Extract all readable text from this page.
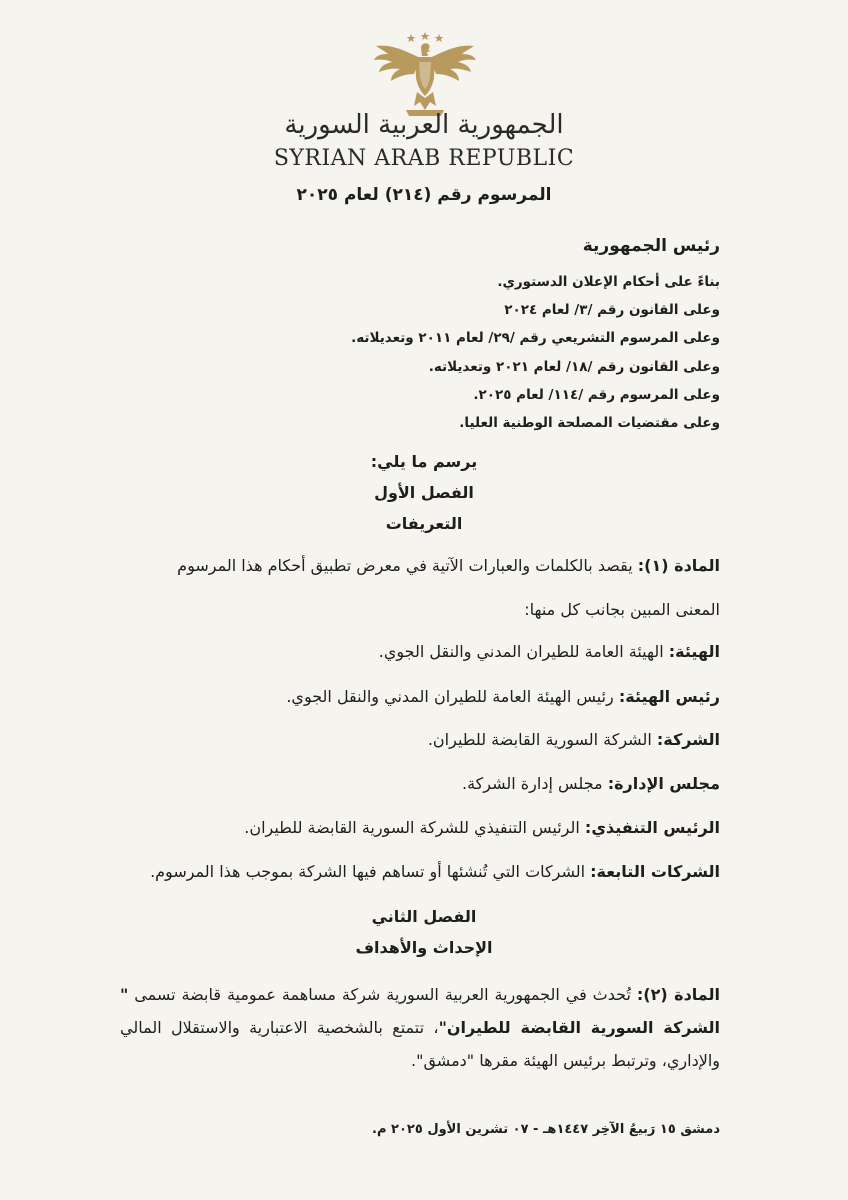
الجمهورية العربية السورية
SYRIAN ARAB REPUBLIC
المرسوم رقم (٢١٤) لعام ٢٠٢٥
رئيس الجمهورية
بناءً على أحكام الإعلان الدستوري.
وعلى القانون رقم /٣/ لعام ٢٠٢٤
وعلى المرسوم التشريعي رقم /٢٩/ لعام ٢٠١١ وتعديلاته.
وعلى القانون رقم /١٨/ لعام ٢٠٢١ وتعديلاته.
وعلى المرسوم رقم /١١٤/ لعام ٢٠٢٥.
وعلى مقتضيات المصلحة الوطنية العليا.
يرسم ما يلي:
الفصل الأول
التعريفات
المادة (١): يقصد بالكلمات والعبارات الآتية في معرض تطبيق أحكام هذا المرسوم
المعنى المبين بجانب كل منها:
الهيئة: الهيئة العامة للطيران المدني والنقل الجوي.
رئيس الهيئة: رئيس الهيئة العامة للطيران المدني والنقل الجوي.
الشركة: الشركة السورية القابضة للطيران.
مجلس الإدارة: مجلس إدارة الشركة.
الرئيس التنفيذي: الرئيس التنفيذي للشركة السورية القابضة للطيران.
الشركات التابعة: الشركات التي تُنشئها أو تساهم فيها الشركة بموجب هذا المرسوم.
الفصل الثاني
الإحداث والأهداف
المادة (٢): تُحدث في الجمهورية العربية السورية شركة مساهمة عمومية قابضة تسمى " الشركة السورية القابضة للطيران"، تتمتع بالشخصية الاعتبارية والاستقلال المالي والإداري، وترتبط برئيس الهيئة مقرها "دمشق".
دمشق ١٥ رَبيعُ الآخِر ١٤٤٧هـ - ٠٧ تشرين الأول ٢٠٢٥ م.
